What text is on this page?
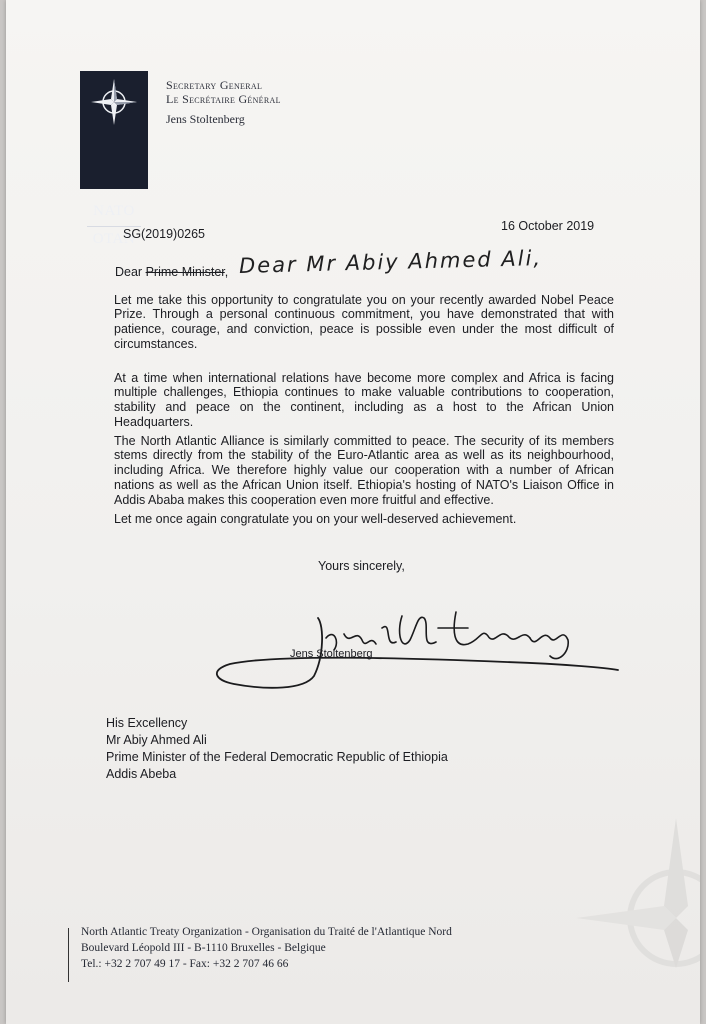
NATO
OTAN
Secretary General
Le Secrétaire Général
Jens Stoltenberg
SG(2019)0265
16 October 2019
Dear Prime Minister, Dear Mr Abiy Ahmed Ali,

Let me take this opportunity to congratulate you on your recently awarded Nobel Peace Prize. Through a personal continuous commitment, you have demonstrated that with patience, courage, and conviction, peace is possible even under the most difficult of circumstances.

At a time when international relations have become more complex and Africa is facing multiple challenges, Ethiopia continues to make valuable contributions to cooperation, stability and peace on the continent, including as a host to the African Union Headquarters.

The North Atlantic Alliance is similarly committed to peace. The security of its members stems directly from the stability of the Euro-Atlantic area as well as its neighbourhood, including Africa. We therefore highly value our cooperation with a number of African nations as well as the African Union itself. Ethiopia's hosting of NATO's Liaison Office in Addis Ababa makes this cooperation even more fruitful and effective.

Let me once again congratulate you on your well-deserved achievement.

Yours sincerely,
Jens Stoltenberg
His Excellency
Mr Abiy Ahmed Ali
Prime Minister of the Federal Democratic Republic of Ethiopia
Addis Abeba
North Atlantic Treaty Organization - Organisation du Traité de l'Atlantique Nord
Boulevard Léopold III - B-1110 Bruxelles - Belgique
Tel.: +32 2 707 49 17 - Fax: +32 2 707 46 66
